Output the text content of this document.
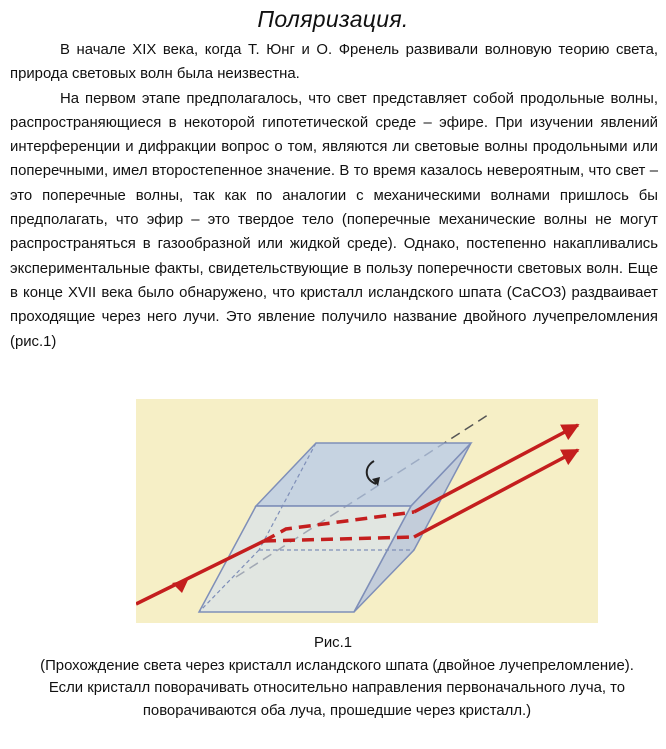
Поляризация.

В начале XIX века, когда Т. Юнг и О. Френель развивали волновую теорию света, природа световых волн была неизвестна.

На первом этапе предполагалось, что свет представляет собой продольные волны, распространяющиеся в некоторой гипотетической среде – эфире. При изучении явлений интерференции и дифракции вопрос о том, являются ли световые волны продольными или поперечными, имел второстепенное значение. В то время казалось невероятным, что свет – это поперечные волны, так как по аналогии с механическими волнами пришлось бы предполагать, что эфир – это твердое тело (поперечные механические волны не могут распространяться в газообразной или жидкой среде). Однако, постепенно накапливались экспериментальные факты, свидетельствующие в пользу поперечности световых волн. Еще в конце XVII века было обнаружено, что кристалл исландского шпата (CaCO3) раздваивает проходящие через него лучи. Это явление получило название двойного лучепреломления (рис.1)

Рис.1
(Прохождение света через кристалл исландского шпата (двойное лучепреломление). Если кристалл поворачивать относительно направления первоначального луча, то поворачиваются оба луча, прошедшие через кристалл.)
